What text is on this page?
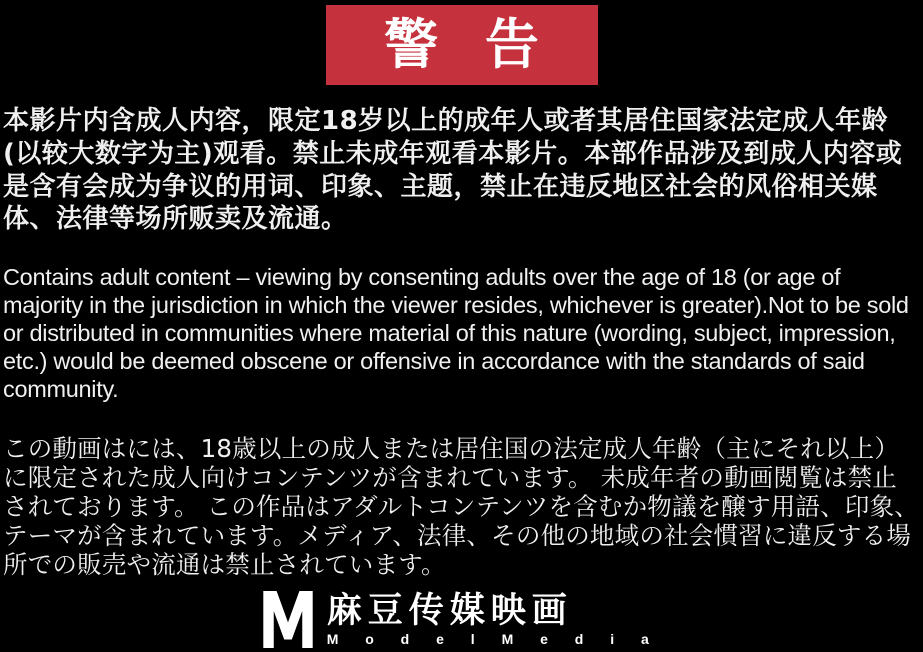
警 告
本影片内含成人内容，限定18岁以上的成年人或者其居住国家法定成人年龄(以较大数字为主)观看。禁止未成年观看本影片。本部作品涉及到成人内容或是含有会成为争议的用词、印象、主题，禁止在违反地区社会的风俗相关媒体、法律等场所贩卖及流通。
Contains adult content – viewing by consenting adults over the age of 18 (or age of majority in the jurisdiction in which the viewer resides, whichever is greater).Not to be sold or distributed in communities where material of this nature (wording, subject, impression, etc.) would be deemed obscene or offensive in accordance with the standards of said community.
この動画はには、18歳以上の成人または居住国の法定成人年齢（主にそれ以上）に限定された成人向けコンテンツが含まれています。 未成年者の動画閲覧は禁止されております。 この作品はアダルトコンテンツを含むか物議を醸す用語、印象、テーマが含まれています。メディア、法律、その他の地域の社会慣習に違反する場所での販売や流通は禁止されています。
麻豆传媒映画
M o d e l M e d i a
